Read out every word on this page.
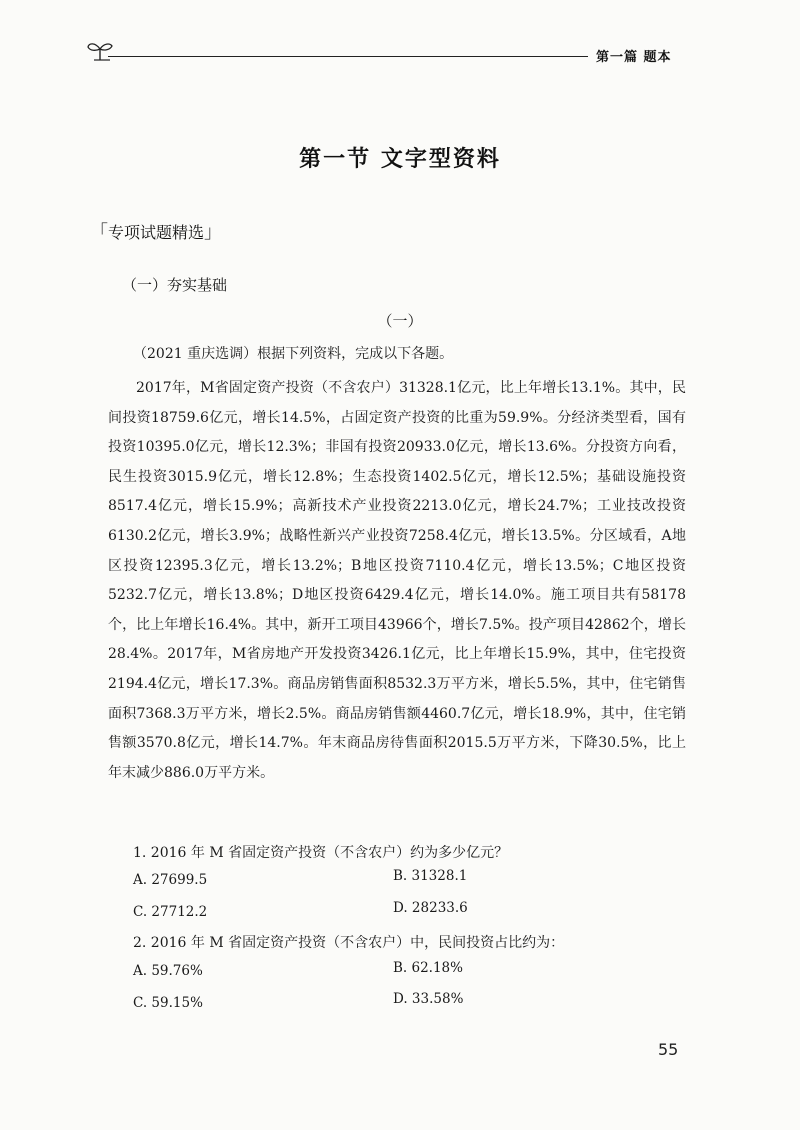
第一篇 题本
第一节 文字型资料
「专项试题精选」
（一）夯实基础
（一）
（2021 重庆选调）根据下列资料，完成以下各题。
2017年，M省固定资产投资（不含农户）31328.1亿元，比上年增长13.1%。其中，民间投资18759.6亿元，增长14.5%，占固定资产投资的比重为59.9%。分经济类型看，国有投资10395.0亿元，增长12.3%；非国有投资20933.0亿元，增长13.6%。分投资方向看，民生投资3015.9亿元，增长12.8%；生态投资1402.5亿元，增长12.5%；基础设施投资8517.4亿元，增长15.9%；高新技术产业投资2213.0亿元，增长24.7%；工业技改投资6130.2亿元，增长3.9%；战略性新兴产业投资7258.4亿元，增长13.5%。分区域看，A地区投资12395.3亿元，增长13.2%；B地区投资7110.4亿元，增长13.5%；C地区投资5232.7亿元，增长13.8%；D地区投资6429.4亿元，增长14.0%。施工项目共有58178个，比上年增长16.4%。其中，新开工项目43966个，增长7.5%。投产项目42862个，增长28.4%。2017年，M省房地产开发投资3426.1亿元，比上年增长15.9%，其中，住宅投资2194.4亿元，增长17.3%。商品房销售面积8532.3万平方米，增长5.5%，其中，住宅销售面积7368.3万平方米，增长2.5%。商品房销售额4460.7亿元，增长18.9%，其中，住宅销售额3570.8亿元，增长14.7%。年末商品房待售面积2015.5万平方米，下降30.5%，比上年末减少886.0万平方米。
1. 2016 年 M 省固定资产投资（不含农户）约为多少亿元？
A. 27699.5	B. 31328.1
C. 27712.2	D. 28233.6
2. 2016 年 M 省固定资产投资（不含农户）中，民间投资占比约为：
A. 59.76%	B. 62.18%
C. 59.15%	D. 33.58%
55
